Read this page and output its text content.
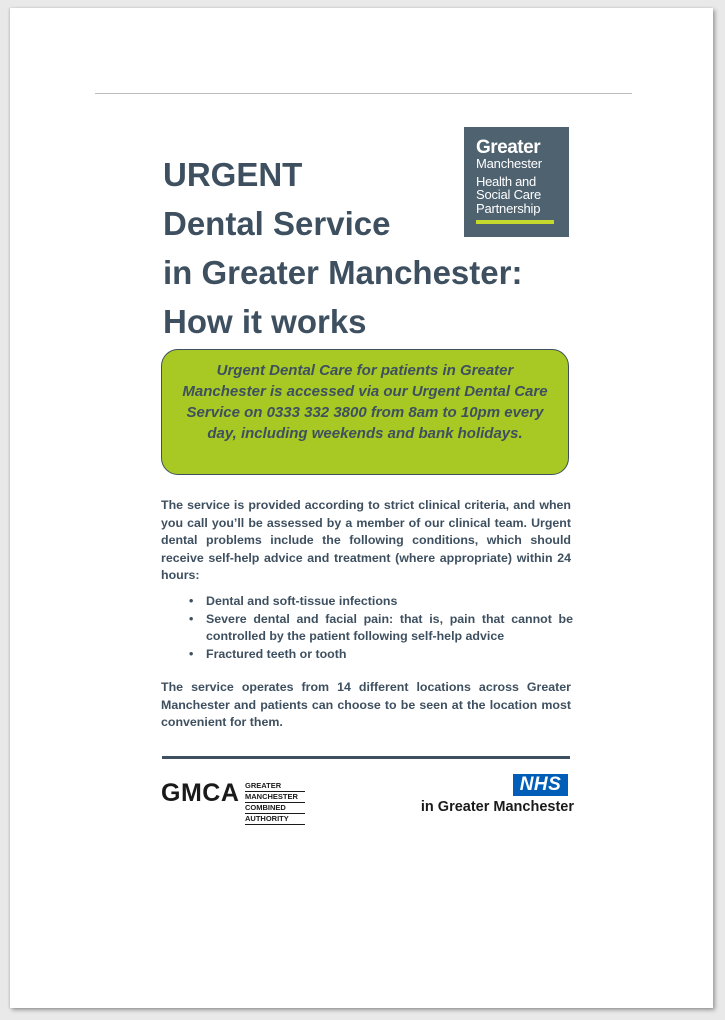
URGENT
Dental Service
in Greater Manchester:
How it works
Greater
Manchester
Health and
Social Care
Partnership
Urgent Dental Care for patients in Greater Manchester is accessed via our Urgent Dental Care Service on 0333 332 3800 from 8am to 10pm every day, including weekends and bank holidays.

The service is provided according to strict clinical criteria, and when you call you’ll be assessed by a member of our clinical team. Urgent dental problems include the following conditions, which should receive self-help advice and treatment (where appropriate) within 24 hours:

• Dental and soft-tissue infections
• Severe dental and facial pain: that is, pain that cannot be controlled by the patient following self-help advice
• Fractured teeth or tooth

The service operates from 14 different locations across Greater Manchester and patients can choose to be seen at the location most convenient for them.

GMCA GREATER
MANCHESTER
COMBINED
AUTHORITY
NHS
in Greater Manchester
